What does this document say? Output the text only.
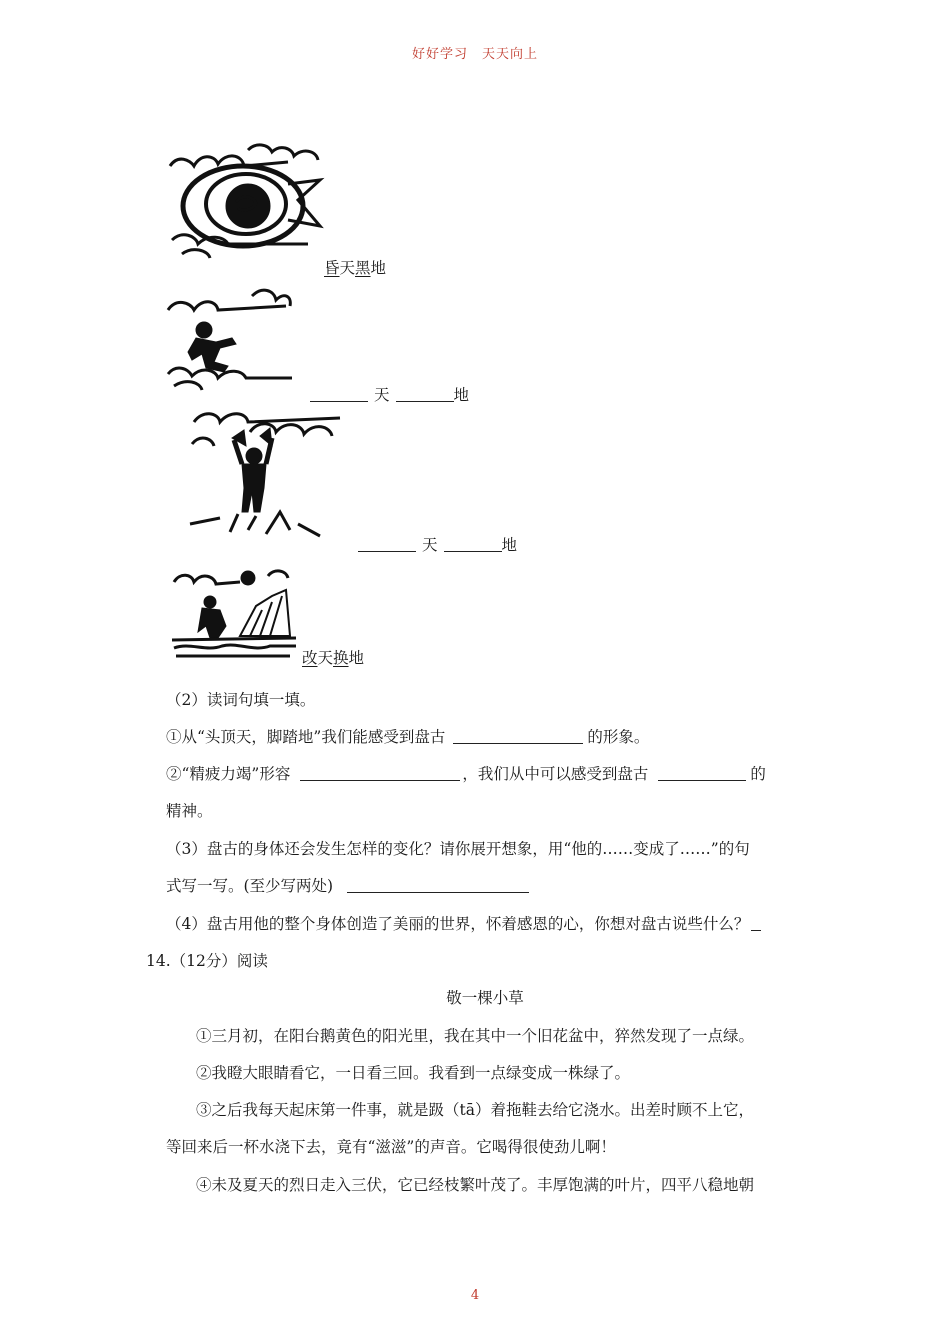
好好学习　天天向上
昏天黑地
天	地
天	地
改天换地
（2）读词句填一填。
①从“头顶天，脚踏地”我们能感受到盘古	的形象。
②“精疲力竭”形容	，我们从中可以感受到盘古	的
精神。
（3）盘古的身体还会发生怎样的变化？请你展开想象，用“他的……变成了……”的句
式写一写。(至少写两处)
（4）盘古用他的整个身体创造了美丽的世界，怀着感恩的心，你想对盘古说些什么？
14.（12分）阅读
敬一棵小草
①三月初，在阳台鹅黄色的阳光里，我在其中一个旧花盆中，猝然发现了一点绿。
②我瞪大眼睛看它，一日看三回。我看到一点绿变成一株绿了。
③之后我每天起床第一件事，就是趿（tā）着拖鞋去给它浇水。出差时顾不上它，
等回来后一杯水浇下去，竟有“滋滋”的声音。它喝得很使劲儿啊！
④未及夏天的烈日走入三伏，它已经枝繁叶茂了。丰厚饱满的叶片，四平八稳地朝
4
